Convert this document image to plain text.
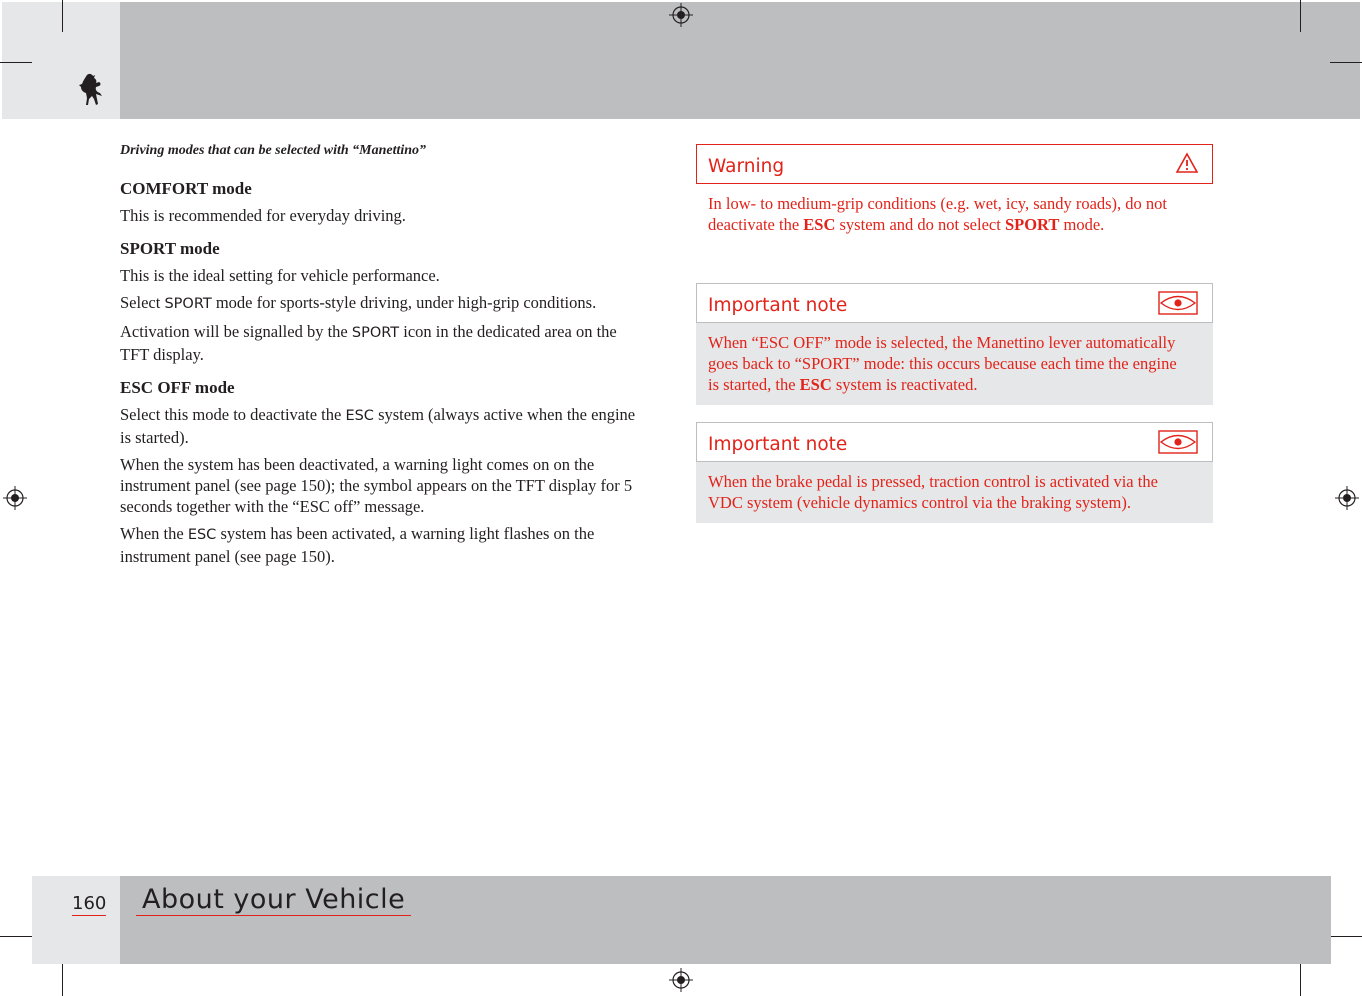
Driving modes that can be selected with “Manettino”

COMFORT mode

This is recommended for everyday driving.

SPORT mode

This is the ideal setting for vehicle performance.

Select SPORT mode for sports-style driving, under high-grip conditions.

Activation will be signalled by the SPORT icon in the dedicated area on the TFT display.

ESC OFF mode

Select this mode to deactivate the ESC system (always active when the engine is started).

When the system has been deactivated, a warning light comes on on the instrument panel (see page 150); the symbol appears on the TFT display for 5 seconds together with the “ESC off” message.

When the ESC system has been activated, a warning light flashes on the instrument panel (see page 150).

Warning
In low- to medium-grip conditions (e.g. wet, icy, sandy roads), do not deactivate the ESC system and do not select SPORT mode.
Important note
When “ESC OFF” mode is selected, the Manettino lever automatically goes back to “SPORT” mode: this occurs because each time the engine is started, the ESC system is reactivated.
Important note
When the brake pedal is pressed, traction control is activated via the VDC system (vehicle dynamics control via the braking system).
160 About your Vehicle
